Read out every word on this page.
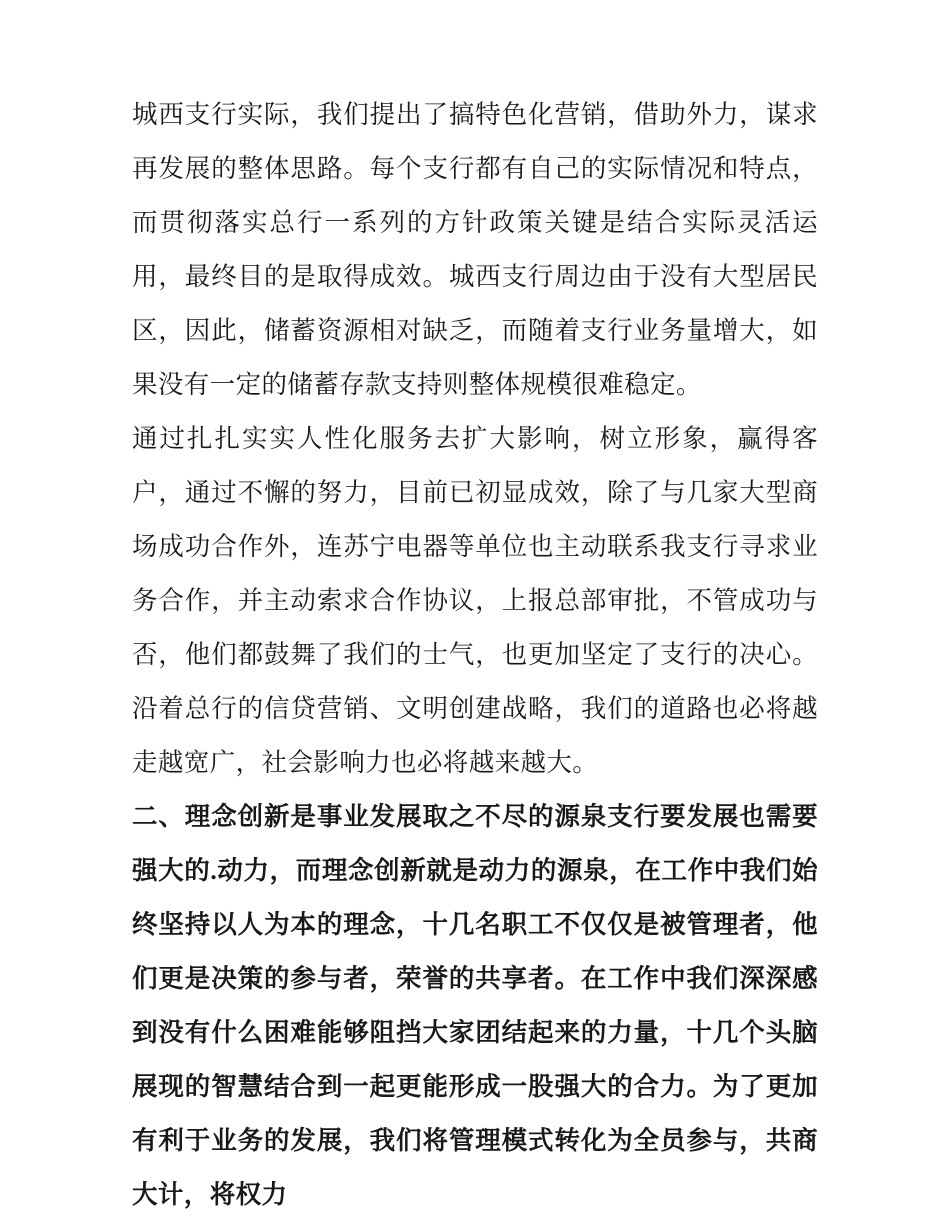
城西支行实际，我们提出了搞特色化营销，借助外力，谋求再发展的整体思路。每个支行都有自己的实际情况和特点，而贯彻落实总行一系列的方针政策关键是结合实际灵活运用，最终目的是取得成效。城西支行周边由于没有大型居民区，因此，储蓄资源相对缺乏，而随着支行业务量增大，如果没有一定的储蓄存款支持则整体规模很难稳定。

通过扎扎实实人性化服务去扩大影响，树立形象，赢得客户，通过不懈的努力，目前已初显成效，除了与几家大型商场成功合作外，连苏宁电器等单位也主动联系我支行寻求业务合作，并主动索求合作协议，上报总部审批，不管成功与否，他们都鼓舞了我们的士气，也更加坚定了支行的决心。沿着总行的信贷营销、文明创建战略，我们的道路也必将越走越宽广，社会影响力也必将越来越大。

二、理念创新是事业发展取之不尽的源泉支行要发展也需要强大的.动力，而理念创新就是动力的源泉，在工作中我们始终坚持以人为本的理念，十几名职工不仅仅是被管理者，他们更是决策的参与者，荣誉的共享者。在工作中我们深深感到没有什么困难能够阻挡大家团结起来的力量，十几个头脑展现的智慧结合到一起更能形成一股强大的合力。为了更加有利于业务的发展，我们将管理模式转化为全员参与，共商大计，将权力
